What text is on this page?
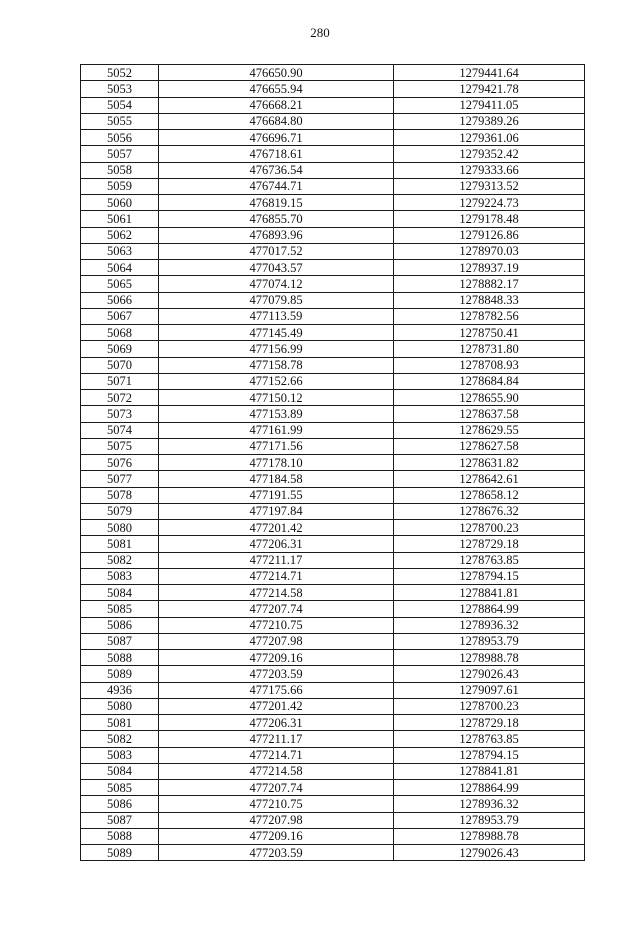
280
5052	476650.90	1279441.64
5053	476655.94	1279421.78
5054	476668.21	1279411.05
5055	476684.80	1279389.26
5056	476696.71	1279361.06
5057	476718.61	1279352.42
5058	476736.54	1279333.66
5059	476744.71	1279313.52
5060	476819.15	1279224.73
5061	476855.70	1279178.48
5062	476893.96	1279126.86
5063	477017.52	1278970.03
5064	477043.57	1278937.19
5065	477074.12	1278882.17
5066	477079.85	1278848.33
5067	477113.59	1278782.56
5068	477145.49	1278750.41
5069	477156.99	1278731.80
5070	477158.78	1278708.93
5071	477152.66	1278684.84
5072	477150.12	1278655.90
5073	477153.89	1278637.58
5074	477161.99	1278629.55
5075	477171.56	1278627.58
5076	477178.10	1278631.82
5077	477184.58	1278642.61
5078	477191.55	1278658.12
5079	477197.84	1278676.32
5080	477201.42	1278700.23
5081	477206.31	1278729.18
5082	477211.17	1278763.85
5083	477214.71	1278794.15
5084	477214.58	1278841.81
5085	477207.74	1278864.99
5086	477210.75	1278936.32
5087	477207.98	1278953.79
5088	477209.16	1278988.78
5089	477203.59	1279026.43
4936	477175.66	1279097.61
5080	477201.42	1278700.23
5081	477206.31	1278729.18
5082	477211.17	1278763.85
5083	477214.71	1278794.15
5084	477214.58	1278841.81
5085	477207.74	1278864.99
5086	477210.75	1278936.32
5087	477207.98	1278953.79
5088	477209.16	1278988.78
5089	477203.59	1279026.43
